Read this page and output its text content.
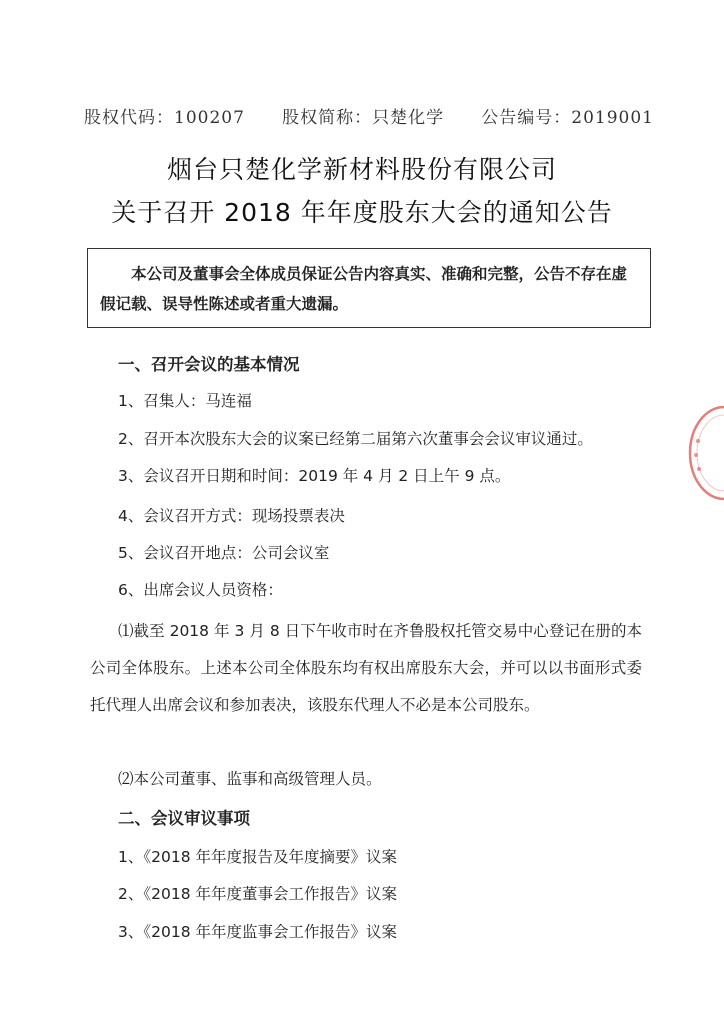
股权代码：100207 股权简称：只楚化学 公告编号：2019001
烟台只楚化学新材料股份有限公司
关于召开 2018 年年度股东大会的通知公告
本公司及董事会全体成员保证公告内容真实、准确和完整，公告不存在虚假记载、误导性陈述或者重大遗漏。
一、召开会议的基本情况
1、召集人：马连福
2、召开本次股东大会的议案已经第二届第六次董事会会议审议通过。
3、会议召开日期和时间：2019 年 4 月 2 日上午 9 点。
4、会议召开方式：现场投票表决
5、会议召开地点：公司会议室
6、出席会议人员资格：
⑴截至 2018 年 3 月 8 日下午收市时在齐鲁股权托管交易中心登记在册的本公司全体股东。上述本公司全体股东均有权出席股东大会，并可以以书面形式委托代理人出席会议和参加表决，该股东代理人不必是本公司股东。
⑵本公司董事、监事和高级管理人员。
二、会议审议事项
1、《2018 年年度报告及年度摘要》议案
2、《2018 年年度董事会工作报告》议案
3、《2018 年年度监事会工作报告》议案
